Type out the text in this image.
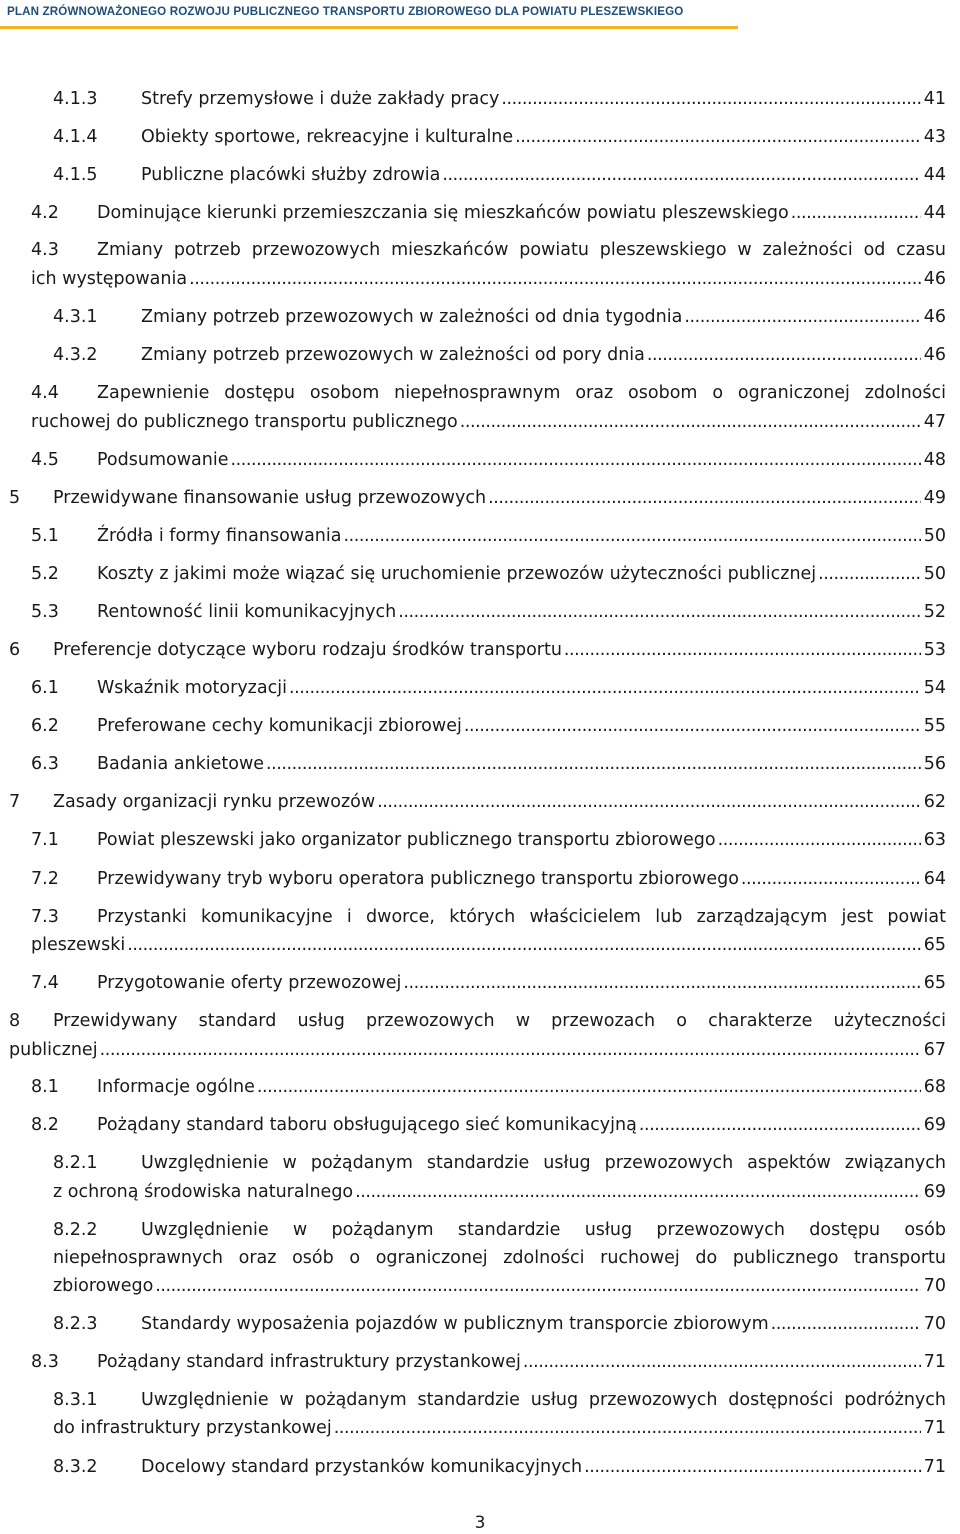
PLAN ZRÓWNOWAŻONEGO ROZWOJU PUBLICZNEGO TRANSPORTU ZBIOROWEGO DLA POWIATU PLESZEWSKIEGO
4.1.3	Strefy przemysłowe i duże zakłady pracy . . .	41
4.1.4	Obiekty sportowe, rekreacyjne i kulturalne . . .	43
4.1.5	Publiczne placówki służby zdrowia . . .	44
4.2	Dominujące kierunki przemieszczania się mieszkańców powiatu pleszewskiego . . .	44
4.3	Zmiany potrzeb przewozowych mieszkańców powiatu pleszewskiego w zależności od czasu
ich występowania . . .	46
4.3.1	Zmiany potrzeb przewozowych w zależności od dnia tygodnia . . .	46
4.3.2	Zmiany potrzeb przewozowych w zależności od pory dnia . . .	46
4.4	Zapewnienie dostępu osobom niepełnosprawnym oraz osobom o ograniczonej zdolności
ruchowej do publicznego transportu publicznego . . .	47
4.5	Podsumowanie . . .	48
5	Przewidywane finansowanie usług przewozowych . . .	49
5.1	Źródła i formy finansowania . . .	50
5.2	Koszty z jakimi może wiązać się uruchomienie przewozów użyteczności publicznej . . .	50
5.3	Rentowność linii komunikacyjnych . . .	52
6	Preferencje dotyczące wyboru rodzaju środków transportu . . .	53
6.1	Wskaźnik motoryzacji . . .	54
6.2	Preferowane cechy komunikacji zbiorowej . . .	55
6.3	Badania ankietowe . . .	56
7	Zasady organizacji rynku przewozów . . .	62
7.1	Powiat pleszewski jako organizator publicznego transportu zbiorowego . . .	63
7.2	Przewidywany tryb wyboru operatora publicznego transportu zbiorowego . . .	64
7.3	Przystanki komunikacyjne i dworce, których właścicielem lub zarządzającym jest powiat
pleszewski . . .	65
7.4	Przygotowanie oferty przewozowej . . .	65
8	Przewidywany standard usług przewozowych w przewozach o charakterze użyteczności
publicznej . . .	67
8.1	Informacje ogólne . . .	68
8.2	Pożądany standard taboru obsługującego sieć komunikacyjną . . .	69
8.2.1	Uwzględnienie w pożądanym standardzie usług przewozowych aspektów związanych
z ochroną środowiska naturalnego . . .	69
8.2.2	Uwzględnienie w pożądanym standardzie usług przewozowych dostępu osób
niepełnosprawnych oraz osób o ograniczonej zdolności ruchowej do publicznego transportu
zbiorowego . . .	70
8.2.3	Standardy wyposażenia pojazdów w publicznym transporcie zbiorowym . . .	70
8.3	Pożądany standard infrastruktury przystankowej . . .	71
8.3.1	Uwzględnienie w pożądanym standardzie usług przewozowych dostępności podróżnych
do infrastruktury przystankowej . . .	71
8.3.2	Docelowy standard przystanków komunikacyjnych . . .	71
3
